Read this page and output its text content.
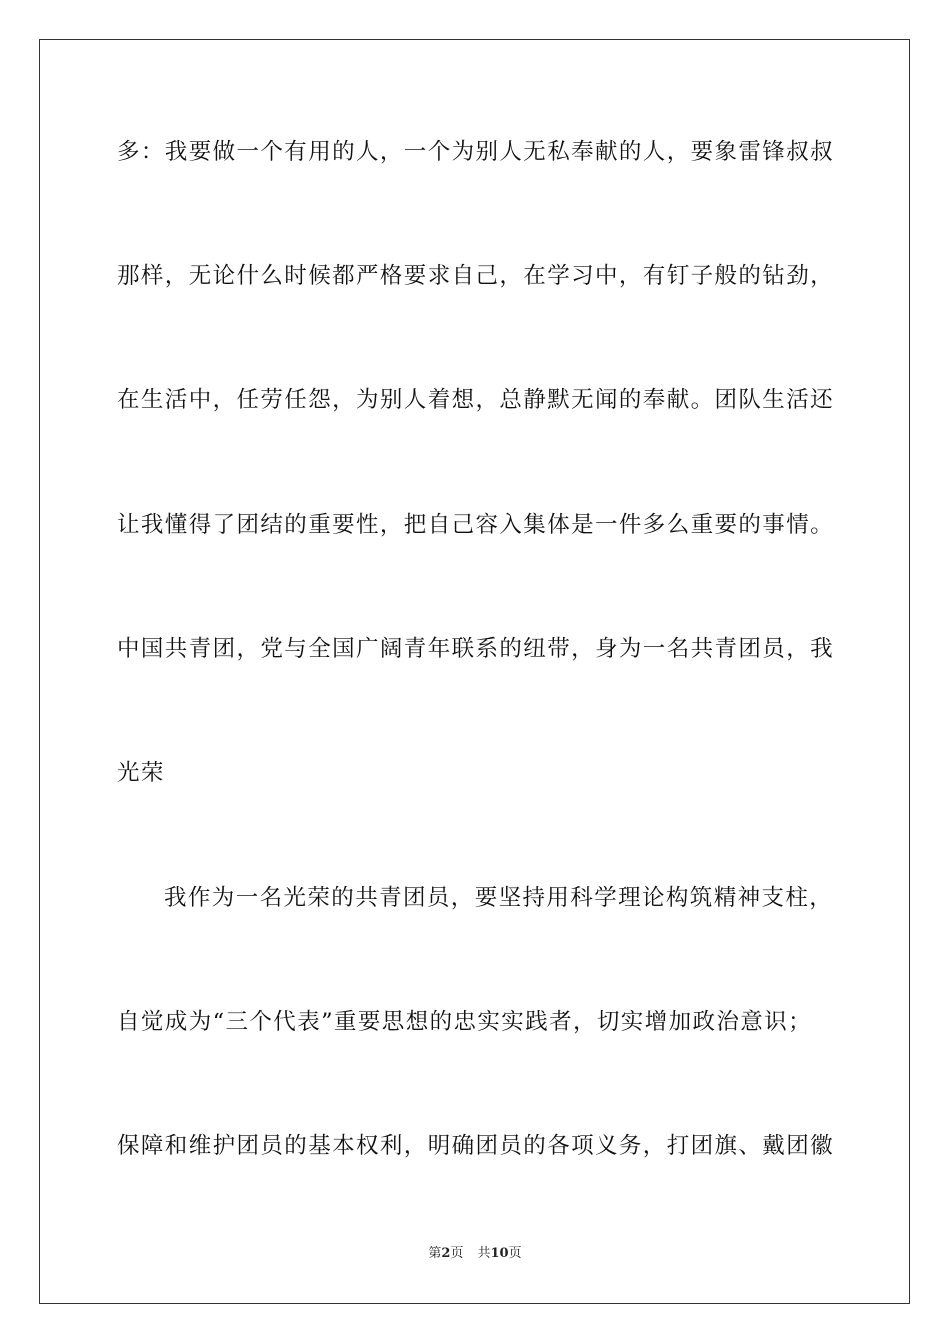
多：我要做一个有用的人，一个为别人无私奉献的人，要象雷锋叔叔
那样，无论什么时候都严格要求自己，在学习中，有钉子般的钻劲，
在生活中，任劳任怨，为别人着想，总静默无闻的奉献。团队生活还
让我懂得了团结的重要性，把自己容入集体是一件多么重要的事情。
中国共青团，党与全国广阔青年联系的纽带，身为一名共青团员，我
光荣
我作为一名光荣的共青团员，要坚持用科学理论构筑精神支柱，
自觉成为“三个代表”重要思想的忠实实践者，切实增加政治意识；
保障和维护团员的基本权利，明确团员的各项义务，打团旗、戴团徽
第2页 共10页
